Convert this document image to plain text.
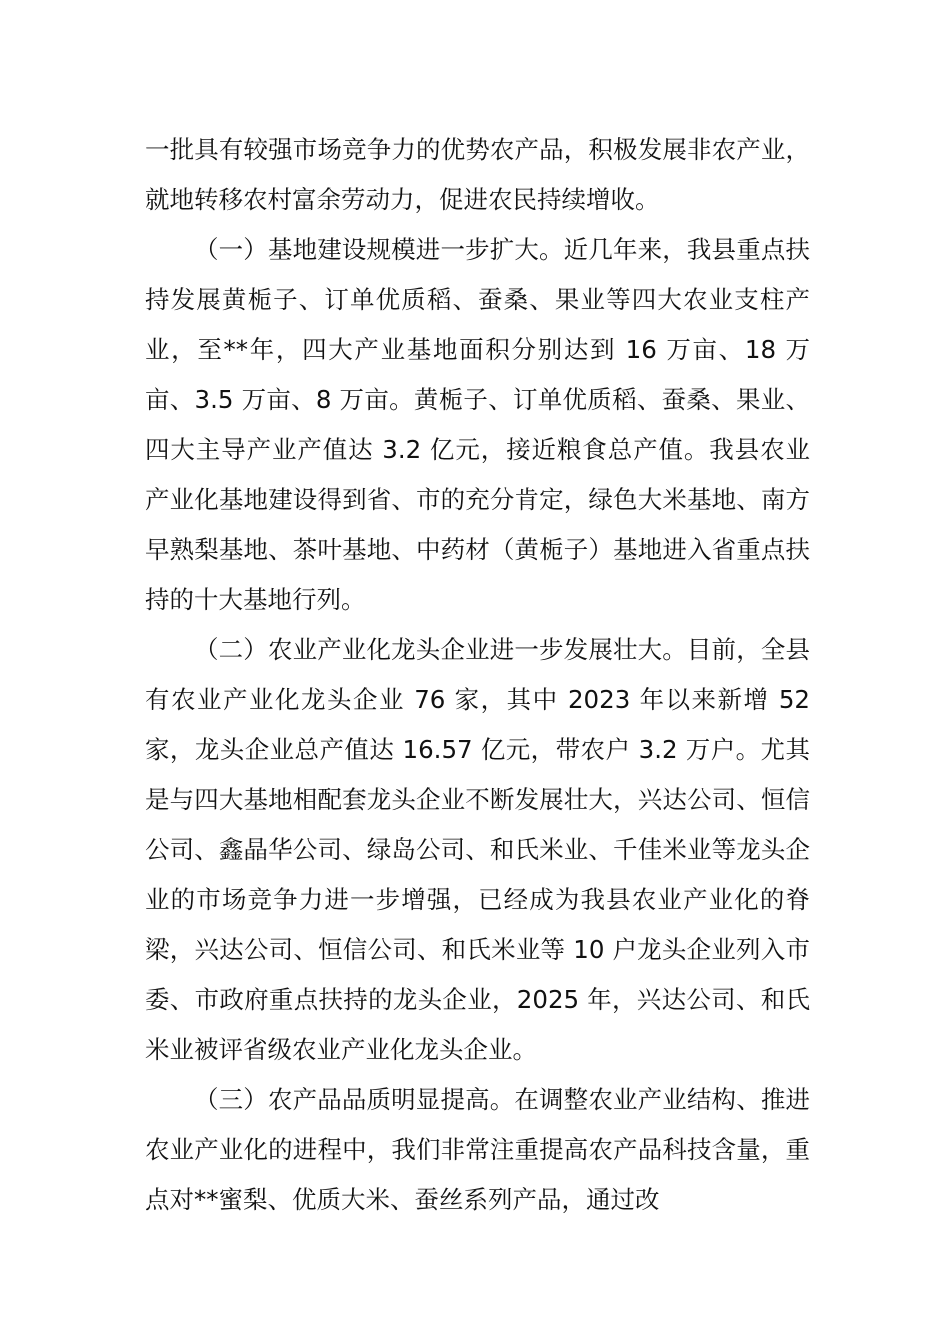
一批具有较强市场竞争力的优势农产品，积极发展非农产业，就地转移农村富余劳动力，促进农民持续增收。

（一）基地建设规模进一步扩大。近几年来，我县重点扶持发展黄栀子、订单优质稻、蚕桑、果业等四大农业支柱产业，至**年，四大产业基地面积分别达到 16 万亩、18 万亩、3.5 万亩、8 万亩。黄栀子、订单优质稻、蚕桑、果业、四大主导产业产值达 3.2 亿元，接近粮食总产值。我县农业产业化基地建设得到省、市的充分肯定，绿色大米基地、南方早熟梨基地、茶叶基地、中药材（黄栀子）基地进入省重点扶持的十大基地行列。

（二）农业产业化龙头企业进一步发展壮大。目前，全县有农业产业化龙头企业 76 家，其中 2023 年以来新增 52 家，龙头企业总产值达 16.57 亿元，带农户 3.2 万户。尤其是与四大基地相配套龙头企业不断发展壮大，兴达公司、恒信公司、鑫晶华公司、绿岛公司、和氏米业、千佳米业等龙头企业的市场竞争力进一步增强，已经成为我县农业产业化的脊梁，兴达公司、恒信公司、和氏米业等 10 户龙头企业列入市委、市政府重点扶持的龙头企业，2025 年，兴达公司、和氏米业被评省级农业产业化龙头企业。

（三）农产品品质明显提高。在调整农业产业结构、推进农业产业化的进程中，我们非常注重提高农产品科技含量，重点对**蜜梨、优质大米、蚕丝系列产品，通过改
